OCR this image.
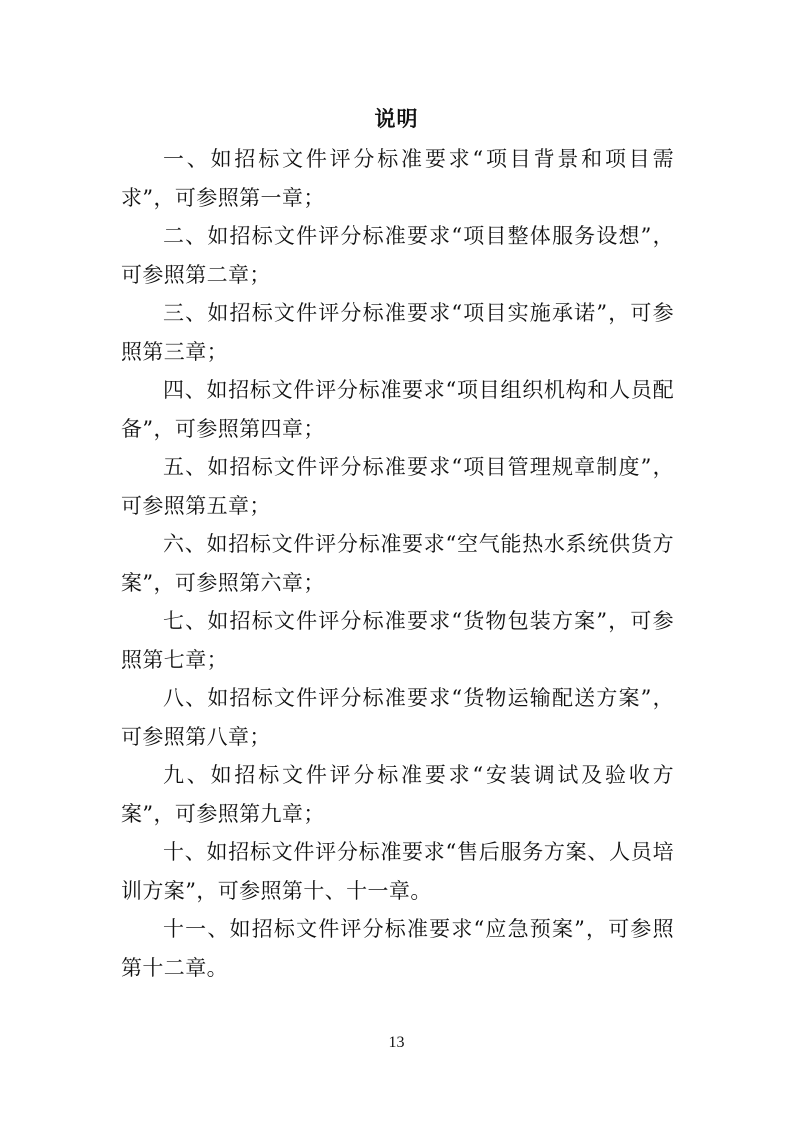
说明

一、如招标文件评分标准要求“项目背景和项目需求”，可参照第一章；

二、如招标文件评分标准要求“项目整体服务设想”，可参照第二章；

三、如招标文件评分标准要求“项目实施承诺”，可参照第三章；

四、如招标文件评分标准要求“项目组织机构和人员配备”，可参照第四章；

五、如招标文件评分标准要求“项目管理规章制度”，可参照第五章；

六、如招标文件评分标准要求“空气能热水系统供货方案”，可参照第六章；

七、如招标文件评分标准要求“货物包装方案”，可参照第七章；

八、如招标文件评分标准要求“货物运输配送方案”，可参照第八章；

九、如招标文件评分标准要求“安装调试及验收方案”，可参照第九章；

十、如招标文件评分标准要求“售后服务方案、人员培训方案”，可参照第十、十一章。

十一、如招标文件评分标准要求“应急预案”，可参照第十二章。

13
